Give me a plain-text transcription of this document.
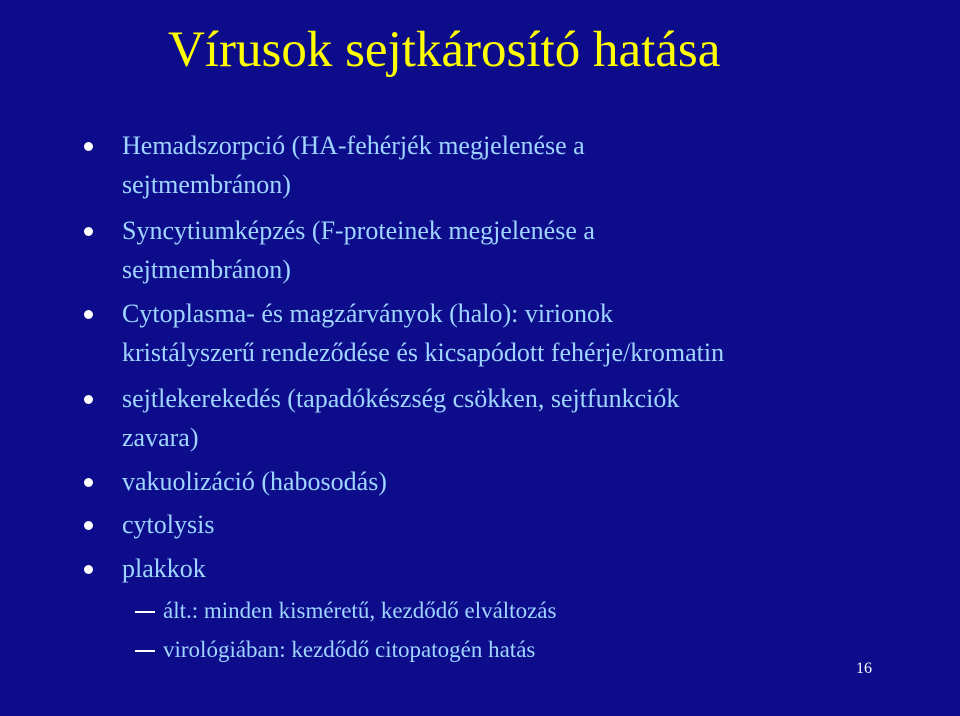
Vírusok sejtkárosító hatása
Hemadszorpció (HA-fehérjék megjelenése a
sejtmembránon)
Syncytiumképzés (F-proteinek megjelenése a
sejtmembránon)
Cytoplasma- és magzárványok (halo): virionok
kristályszerű rendeződése és kicsapódott fehérje/kromatin
sejtlekerekedés (tapadókészség csökken, sejtfunkciók
zavara)
vakuolizáció (habosodás)
cytolysis
plakkok
ált.: minden kisméretű, kezdődő elváltozás
virológiában: kezdődő citopatogén hatás
16
